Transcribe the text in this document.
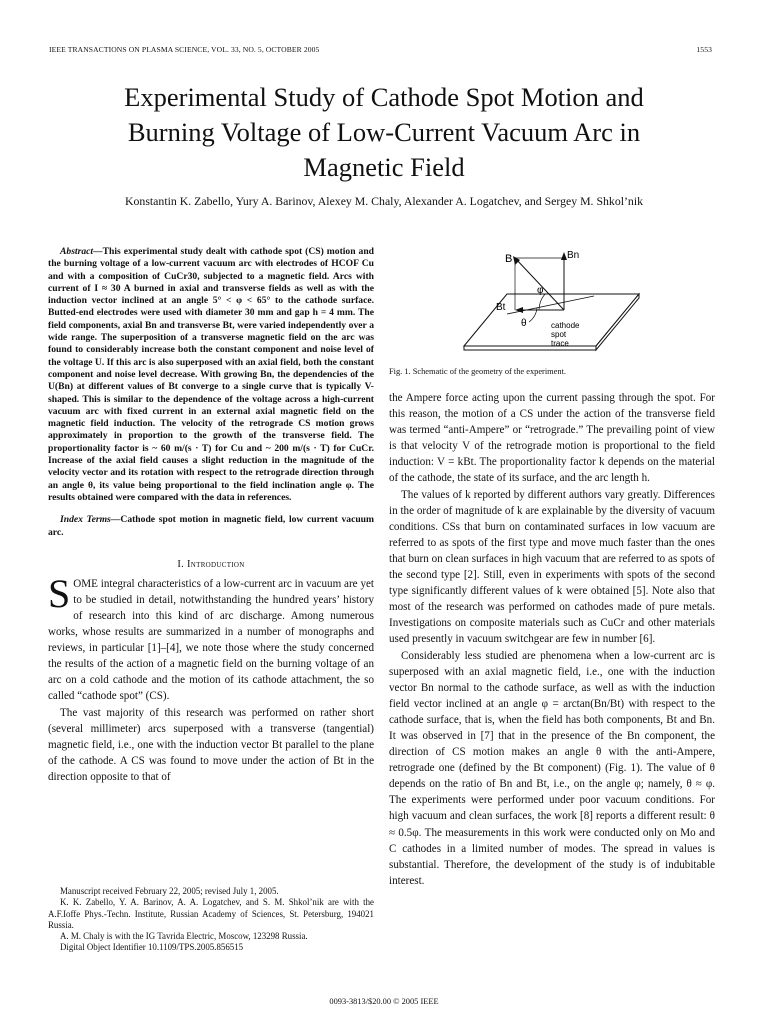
IEEE TRANSACTIONS ON PLASMA SCIENCE, VOL. 33, NO. 5, OCTOBER 2005	1553
Experimental Study of Cathode Spot Motion and
Burning Voltage of Low-Current Vacuum Arc in
Magnetic Field
Konstantin K. Zabello, Yury A. Barinov, Alexey M. Chaly, Alexander A. Logatchev, and Sergey M. Shkol’nik

Abstract—This experimental study dealt with cathode spot (CS) motion and the burning voltage of a low-current vacuum arc with electrodes of HCOF Cu and with a composition of CuCr30, subjected to a magnetic field. Arcs with current of I ≈ 30 A burned in axial and transverse fields as well as with the induction vector inclined at an angle 5° < φ < 65° to the cathode surface. Butted-end electrodes were used with diameter 30 mm and gap h = 4 mm. The field components, axial Bn and transverse Bt, were varied independently over a wide range. The superposition of a transverse magnetic field on the arc was found to considerably increase both the constant component and noise level of the voltage U. If this arc is also superposed with an axial field, both the constant component and noise level decrease. With growing Bn, the dependencies of the U(Bn) at different values of Bt converge to a single curve that is typically V-shaped. This is similar to the dependence of the voltage across a high-current vacuum arc with fixed current in an external axial magnetic field on the magnetic field induction. The velocity of the retrograde CS motion grows approximately in proportion to the growth of the transverse field. The proportionality factor is ~ 60 m/(s · T) for Cu and ~ 200 m/(s · T) for CuCr. Increase of the axial field causes a slight reduction in the magnitude of the velocity vector and its rotation with respect to the retrograde direction through an angle θ, its value being proportional to the field inclination angle φ. The results obtained were compared with the data in references.

Index Terms—Cathode spot motion in magnetic field, low current vacuum arc.

I. Introduction

SOME integral characteristics of a low-current arc in vacuum are yet to be studied in detail, notwithstanding the hundred years’ history of research into this kind of arc discharge. Among numerous works, whose results are summarized in a number of monographs and reviews, in particular [1]–[4], we note those where the study concerned the results of the action of a magnetic field on the burning voltage of an arc on a cold cathode and the motion of its cathode attachment, the so called “cathode spot” (CS).

The vast majority of this research was performed on rather short (several millimeter) arcs superposed with a transverse (tangential) magnetic field, i.e., one with the induction vector Bt parallel to the plane of the cathode. A CS was found to move under the action of Bt in the direction opposite to that of

Manuscript received February 22, 2005; revised July 1, 2005.

K. K. Zabello, Y. A. Barinov, A. A. Logatchev, and S. M. Shkol’nik are with the A.F.Ioffe Phys.-Techn. Institute, Russian Academy of Sciences, St. Petersburg, 194021 Russia.

A. M. Chaly is with the IG Tavrida Electric, Moscow, 123298 Russia.

Digital Object Identifier 10.1109/TPS.2005.856515

B	Bn
Bt
φ
θ	cathode
spot
trace
Fig. 1. Schematic of the geometry of the experiment.

the Ampere force acting upon the current passing through the spot. For this reason, the motion of a CS under the action of the transverse field was termed “anti-Ampere” or “retrograde.” The prevailing point of view is that velocity V of the retrograde motion is proportional to the field induction: V = kBt. The proportionality factor k depends on the material of the cathode, the state of its surface, and the arc length h.

The values of k reported by different authors vary greatly. Differences in the order of magnitude of k are explainable by the diversity of vacuum conditions. CSs that burn on contaminated surfaces in low vacuum are referred to as spots of the first type and move much faster than the ones that burn on clean surfaces in high vacuum that are referred to as spots of the second type [2]. Still, even in experiments with spots of the second type significantly different values of k were obtained [5]. Note also that most of the research was performed on cathodes made of pure metals. Investigations on composite materials such as CuCr and other materials used presently in vacuum switchgear are few in number [6].

Considerably less studied are phenomena when a low-current arc is superposed with an axial magnetic field, i.e., one with the induction vector Bn normal to the cathode surface, as well as with the induction field vector inclined at an angle φ = arctan(Bn/Bt) with respect to the cathode surface, that is, when the field has both components, Bt and Bn. It was observed in [7] that in the presence of the Bn component, the direction of CS motion makes an angle θ with the anti-Ampere, retrograde one (defined by the Bt component) (Fig. 1). The value of θ depends on the ratio of Bn and Bt, i.e., on the angle φ; namely, θ ≈ φ. The experiments were performed under poor vacuum conditions. For high vacuum and clean surfaces, the work [8] reports a different result: θ ≈ 0.5φ. The measurements in this work were conducted only on Mo and C cathodes in a limited number of modes. The spread in values is substantial. Therefore, the development of the study is of indubitable interest.

0093-3813/$20.00 © 2005 IEEE
